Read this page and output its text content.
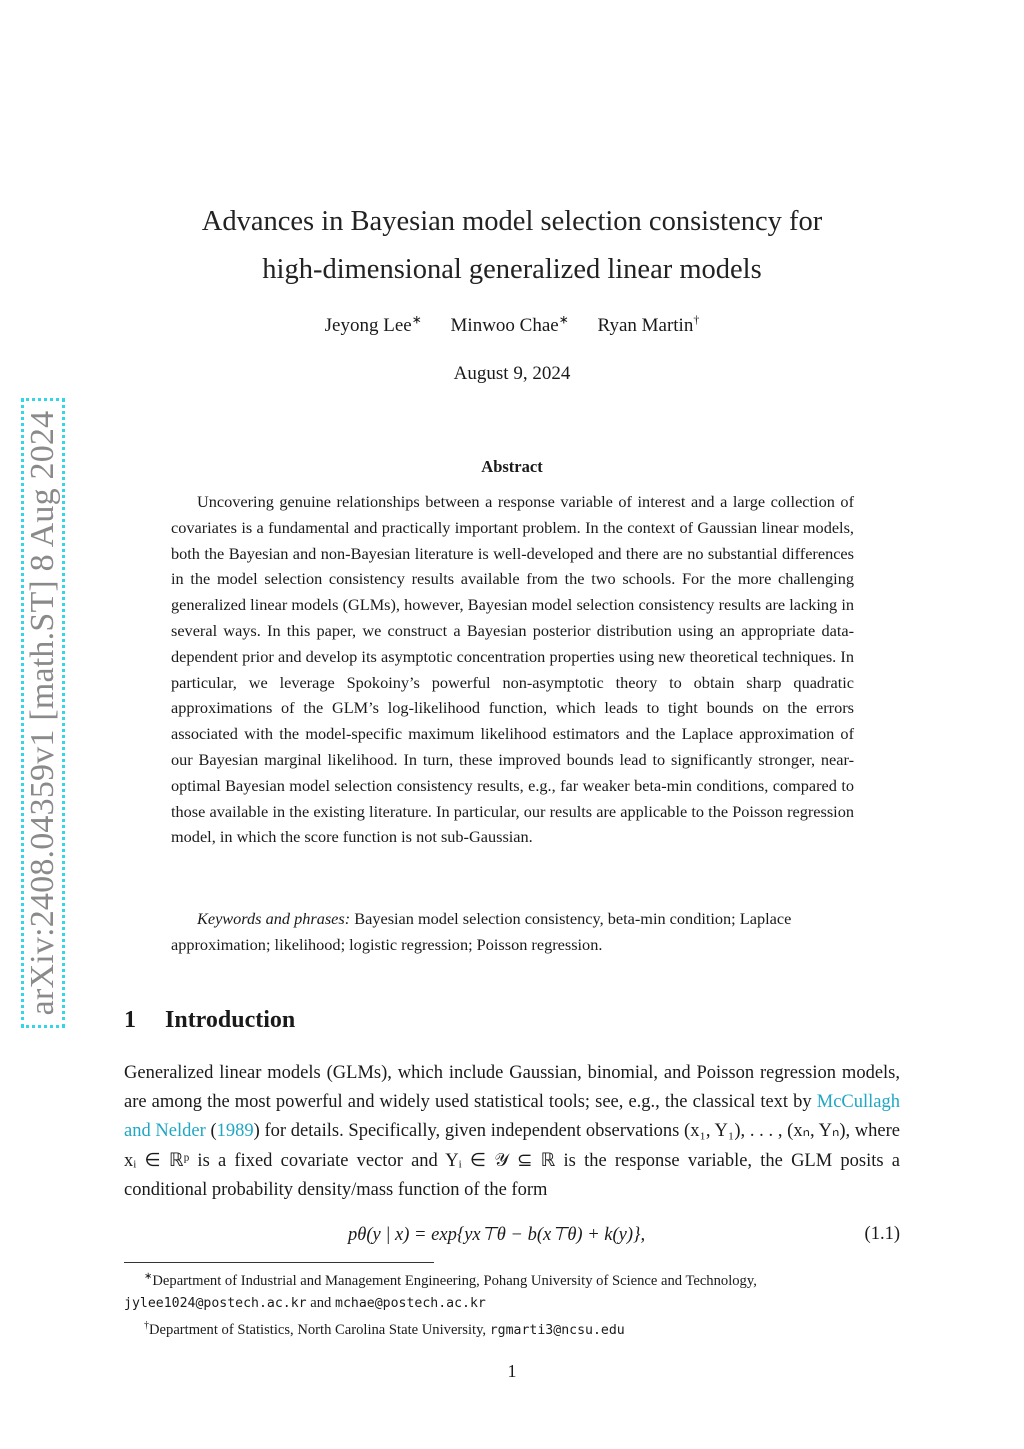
arXiv:2408.04359v1 [math.ST] 8 Aug 2024
Advances in Bayesian model selection consistency for
high-dimensional generalized linear models
Jeyong Lee∗ Minwoo Chae∗ Ryan Martin†
August 9, 2024
Abstract

Uncovering genuine relationships between a response variable of interest and a large collection of covariates is a fundamental and practically important problem. In the context of Gaussian linear models, both the Bayesian and non-Bayesian literature is well-developed and there are no substantial differences in the model selection consistency results available from the two schools. For the more challenging generalized linear models (GLMs), however, Bayesian model selection consistency results are lacking in several ways. In this paper, we construct a Bayesian posterior distribution using an appropriate data-dependent prior and develop its asymptotic concentration properties using new theoretical techniques. In particular, we leverage Spokoiny’s powerful non-asymptotic theory to obtain sharp quadratic approximations of the GLM’s log-likelihood function, which leads to tight bounds on the errors associated with the model-specific maximum likelihood estimators and the Laplace approximation of our Bayesian marginal likelihood. In turn, these improved bounds lead to significantly stronger, near-optimal Bayesian model selection consistency results, e.g., far weaker beta-min conditions, compared to those available in the existing literature. In particular, our results are applicable to the Poisson regression model, in which the score function is not sub-Gaussian.

Keywords and phrases: Bayesian model selection consistency, beta-min condition; Laplace approximation; likelihood; logistic regression; Poisson regression.
1 Introduction

Generalized linear models (GLMs), which include Gaussian, binomial, and Poisson regression models, are among the most powerful and widely used statistical tools; see, e.g., the classical text by McCullagh and Nelder (1989) for details. Specifically, given independent observations (x₁, Y₁), . . . , (xₙ, Yₙ), where xᵢ ∈ ℝᵖ is a fixed covariate vector and Yᵢ ∈ 𝒴 ⊆ ℝ is the response variable, the GLM posits a conditional probability density/mass function of the form

pθ(y | x) = exp{yx⊤θ − b(x⊤θ) + k(y)},	(1.1)

∗Department of Industrial and Management Engineering, Pohang University of Science and Technology,

jylee1024@postech.ac.kr and mchae@postech.ac.kr

†Department of Statistics, North Carolina State University, rgmarti3@ncsu.edu

1
